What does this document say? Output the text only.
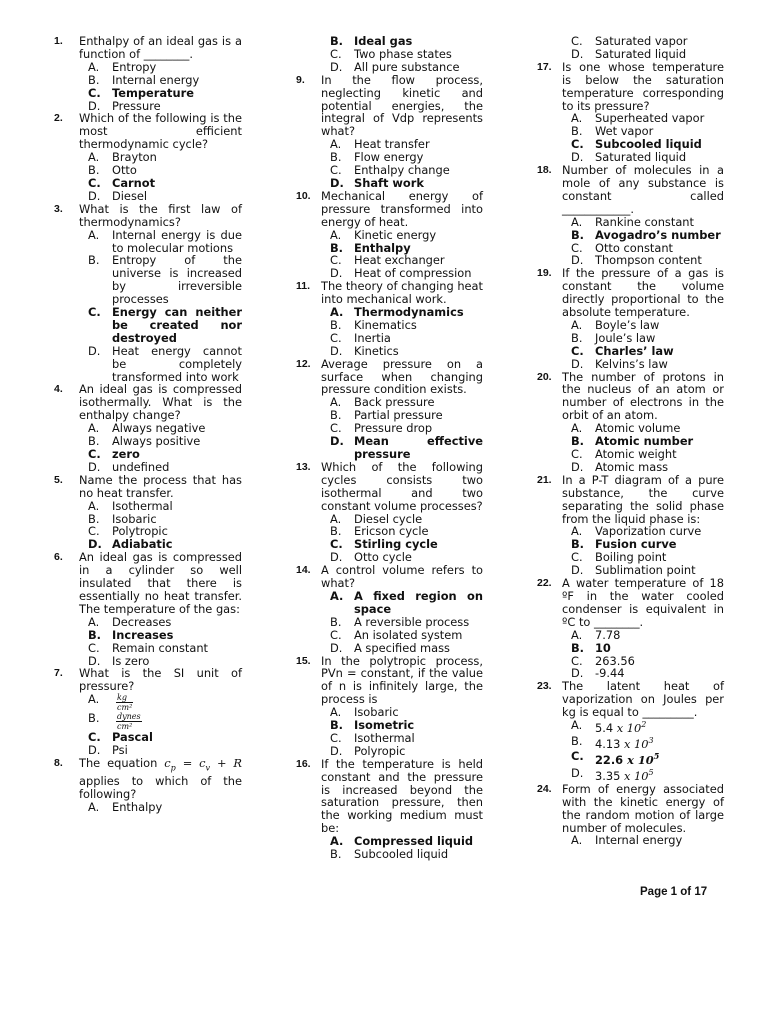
1. Enthalpy of an ideal gas is a function of ________.
A. Entropy
B. Internal energy
C. Temperature
D. Pressure
2. Which of the following is the most efficient thermodynamic cycle?
A. Brayton
B. Otto
C. Carnot
D. Diesel
3. What is the first law of thermodynamics?
A. Internal energy is due to molecular motions
B. Entropy of the universe is increased by irreversible processes
C. Energy can neither be created nor destroyed
D. Heat energy cannot be completely transformed into work
4. An ideal gas is compressed isothermally. What is the enthalpy change?
A. Always negative
B. Always positive
C. zero
D. undefined
5. Name the process that has no heat transfer.
A. Isothermal
B. Isobaric
C. Polytropic
D. Adiabatic
6. An ideal gas is compressed in a cylinder so well insulated that there is essentially no heat transfer. The temperature of the gas:
A. Decreases
B. Increases
C. Remain constant
D. Is zero
7. What is the SI unit of pressure?
A. $\frac{kg}{\text{cm²}}$
B. $\frac{\text{dynes}}{\text{cm²}}$
C. Pascal
D. Psi
8. The equation $c_p = c_v + R$ applies to which of the following?
A. Enthalpy
B. Ideal gas
C. Two phase states
D. All pure substance
9. In the flow process, neglecting kinetic and potential energies, the integral of Vdp represents what?
A. Heat transfer
B. Flow energy
C. Enthalpy change
D. Shaft work
10. Mechanical energy of pressure transformed into energy of heat.
A. Kinetic energy
B. Enthalpy
C. Heat exchanger
D. Heat of compression
11. The theory of changing heat into mechanical work.
A. Thermodynamics
B. Kinematics
C. Inertia
D. Kinetics
12. Average pressure on a surface when changing pressure condition exists.
A. Back pressure
B. Partial pressure
C. Pressure drop
D. Mean effective pressure
13. Which of the following cycles consists two isothermal and two constant volume processes?
A. Diesel cycle
B. Ericson cycle
C. Stirling cycle
D. Otto cycle
14. A control volume refers to what?
A. A fixed region on space
B. A reversible process
C. An isolated system
D. A specified mass
15. In the polytropic process, PVn = constant, if the value of n is infinitely large, the process is
A. Isobaric
B. Isometric
C. Isothermal
D. Polyropic
16. If the temperature is held constant and the pressure is increased beyond the saturation pressure, then the working medium must be:
A. Compressed liquid
B. Subcooled liquid
C. Saturated vapor
D. Saturated liquid
17. Is one whose temperature is below the saturation temperature corresponding to its pressure?
A. Superheated vapor
B. Wet vapor
C. Subcooled liquid
D. Saturated liquid
18. Number of molecules in a mole of any substance is constant called ____________.
A. Rankine constant
B. Avogadro’s number
C. Otto constant
D. Thompson content
19. If the pressure of a gas is constant the volume directly proportional to the absolute temperature.
A. Boyle’s law
B. Joule’s law
C. Charles’ law
D. Kelvins’s law
20. The number of protons in the nucleus of an atom or number of electrons in the orbit of an atom.
A. Atomic volume
B. Atomic number
C. Atomic weight
D. Atomic mass
21. In a P-T diagram of a pure substance, the curve separating the solid phase from the liquid phase is:
A. Vaporization curve
B. Fusion curve
C. Boiling point
D. Sublimation point
22. A water temperature of 18 ºF in the water cooled condenser is equivalent in ºC to ________.
A. 7.78
B. 10
C. 263.56
D. -9.44
23. The latent heat of vaporization on Joules per kg is equal to _________.
A. 5.4 x $10^2$
B. 4.13 x $10^3$
C. 22.6 x $10^5$
D. 3.35 x $10^5$
24. Form of energy associated with the kinetic energy of the random motion of large number of molecules.
A. Internal energy
Page 1 of 17
